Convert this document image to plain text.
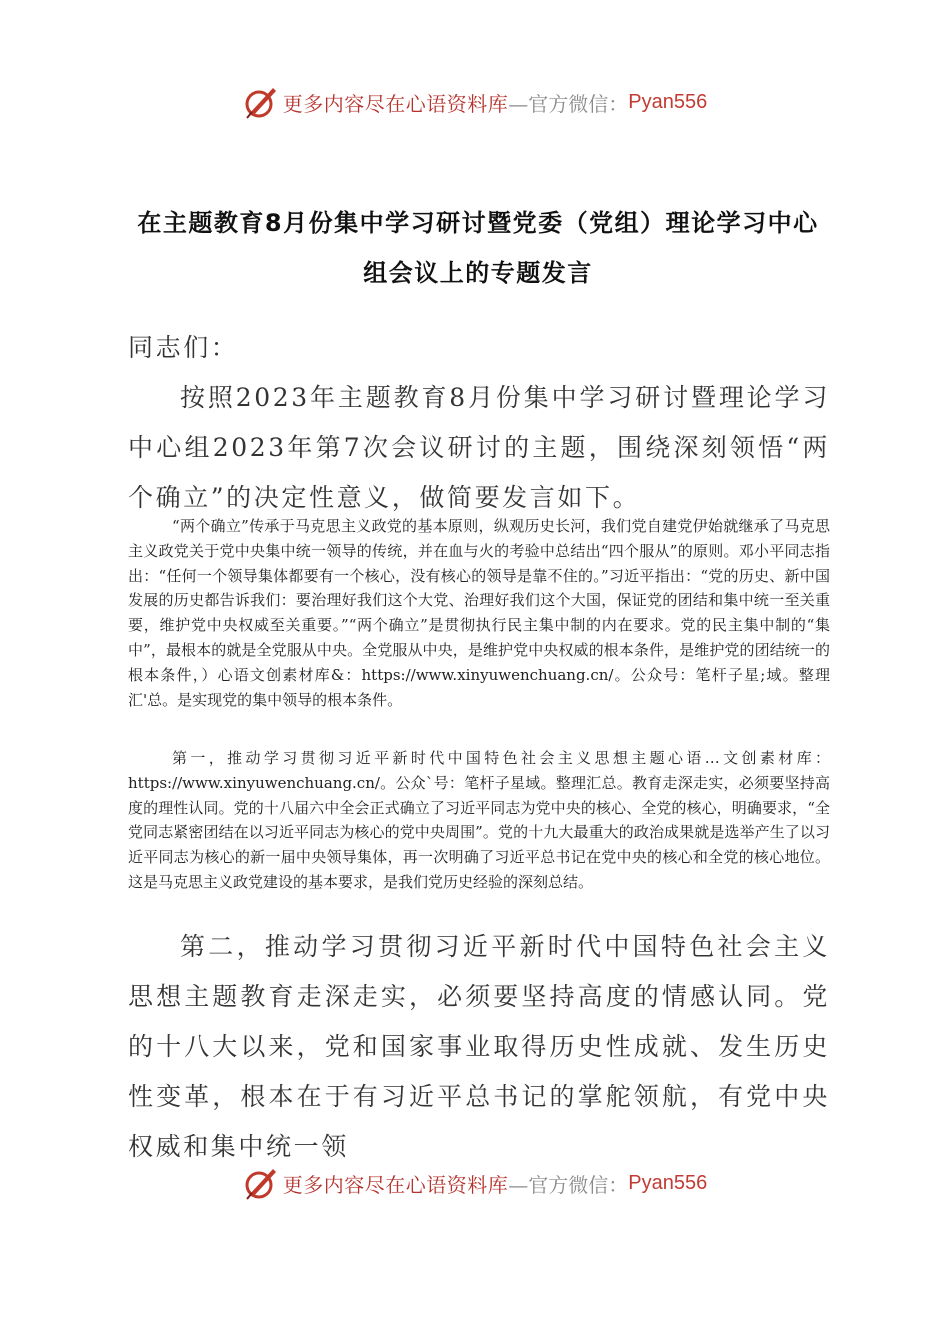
更多内容尽在心语资料库 —官方微信： Pyan556
在主题教育8月份集中学习研讨暨党委（党组）理论学习中心组会议上的专题发言
同志们：
按照2023年主题教育8月份集中学习研讨暨理论学习中心组2023年第7次会议研讨的主题，围绕深刻领悟“两个确立”的决定性意义，做简要发言如下。
“两个确立”传承于马克思主义政党的基本原则，纵观历史长河，我们党自建党伊始就继承了马克思主义政党关于党中央集中统一领导的传统，并在血与火的考验中总结出“四个服从”的原则。邓小平同志指出：“任何一个领导集体都要有一个核心，没有核心的领导是靠不住的。”习近平指出：“党的历史、新中国发展的历史都告诉我们：要治理好我们这个大党、治理好我们这个大国，保证党的团结和集中统一至关重要，维护党中央权威至关重要。”“两个确立”是贯彻执行民主集中制的内在要求。党的民主集中制的“集中”，最根本的就是全党服从中央。全党服从中央，是维护党中央权威的根本条件，是维护党的团结统一的根本条件，）心语文创素材库&：https://www.xinyuwenchuang.cn/。公众号：笔杆子星;域。整理汇'总。是实现党的集中领导的根本条件。
第一，推动学习贯彻习近平新时代中国特色社会主义思想主题心语…文创素材库：https://www.xinyuwenchuang.cn/。公众`号：笔杆子星域。整理汇总。教育走深走实，必须要坚持高度的理性认同。党的十八届六中全会正式确立了习近平同志为党中央的核心、全党的核心，明确要求，“全党同志紧密团结在以习近平同志为核心的党中央周围”。党的十九大最重大的政治成果就是选举产生了以习近平同志为核心的新一届中央领导集体，再一次明确了习近平总书记在党中央的核心和全党的核心地位。这是马克思主义政党建设的基本要求，是我们党历史经验的深刻总结。
第二，推动学习贯彻习近平新时代中国特色社会主义思想主题教育走深走实，必须要坚持高度的情感认同。党的十八大以来，党和国家事业取得历史性成就、发生历史性变革，根本在于有习近平总书记的掌舵领航，有党中央权威和集中统一领
更多内容尽在心语资料库 —官方微信： Pyan556
